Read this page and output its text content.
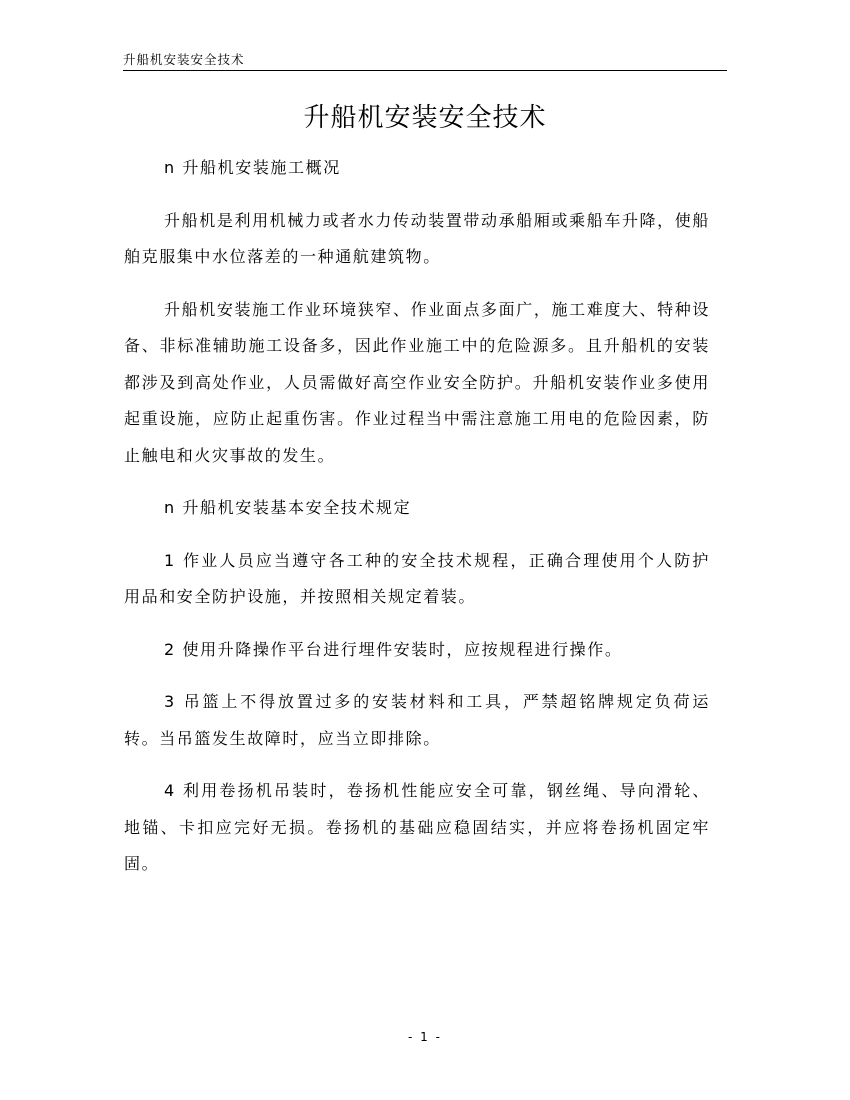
升船机安装安全技术
升船机安装安全技术

n 升船机安装施工概况

升船机是利用机械力或者水力传动装置带动承船厢或乘船车升降，使船舶克服集中水位落差的一种通航建筑物。

升船机安装施工作业环境狭窄、作业面点多面广，施工难度大、特种设备、非标准辅助施工设备多，因此作业施工中的危险源多。且升船机的安装都涉及到高处作业，人员需做好高空作业安全防护。升船机安装作业多使用起重设施，应防止起重伤害。作业过程当中需注意施工用电的危险因素，防止触电和火灾事故的发生。

n 升船机安装基本安全技术规定

1 作业人员应当遵守各工种的安全技术规程，正确合理使用个人防护用品和安全防护设施，并按照相关规定着装。

2 使用升降操作平台进行埋件安装时，应按规程进行操作。

3 吊篮上不得放置过多的安装材料和工具，严禁超铭牌规定负荷运转。当吊篮发生故障时，应当立即排除。

4 利用卷扬机吊装时，卷扬机性能应安全可靠，钢丝绳、导向滑轮、地锚、卡扣应完好无损。卷扬机的基础应稳固结实，并应将卷扬机固定牢固。

- 1 -
